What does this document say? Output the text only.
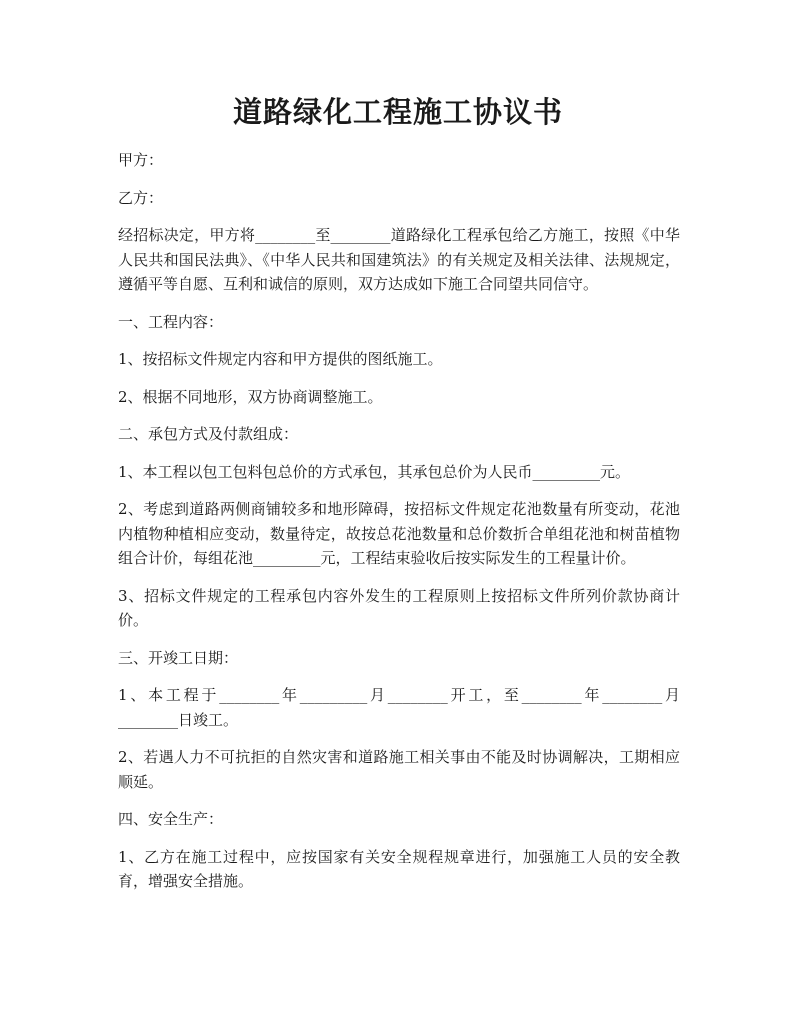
道路绿化工程施工协议书

甲方：

乙方：

经招标决定，甲方将________至________道路绿化工程承包给乙方施工，按照《中华人民共和国民法典》、《中华人民共和国建筑法》的有关规定及相关法律、法规规定，遵循平等自愿、互利和诚信的原则，双方达成如下施工合同望共同信守。

一、工程内容：

1、按招标文件规定内容和甲方提供的图纸施工。

2、根据不同地形，双方协商调整施工。

二、承包方式及付款组成：

1、本工程以包工包料包总价的方式承包，其承包总价为人民币_________元。

2、考虑到道路两侧商铺较多和地形障碍，按招标文件规定花池数量有所变动，花池内植物种植相应变动，数量待定，故按总花池数量和总价数折合单组花池和树苗植物组合计价，每组花池_________元，工程结束验收后按实际发生的工程量计价。

3、招标文件规定的工程承包内容外发生的工程原则上按招标文件所列价款协商计价。

三、开竣工日期：

1、本工程于________年_________月________开工，至________年________月________日竣工。

2、若遇人力不可抗拒的自然灾害和道路施工相关事由不能及时协调解决，工期相应顺延。

四、安全生产：

1、乙方在施工过程中，应按国家有关安全规程规章进行，加强施工人员的安全教育，增强安全措施。
